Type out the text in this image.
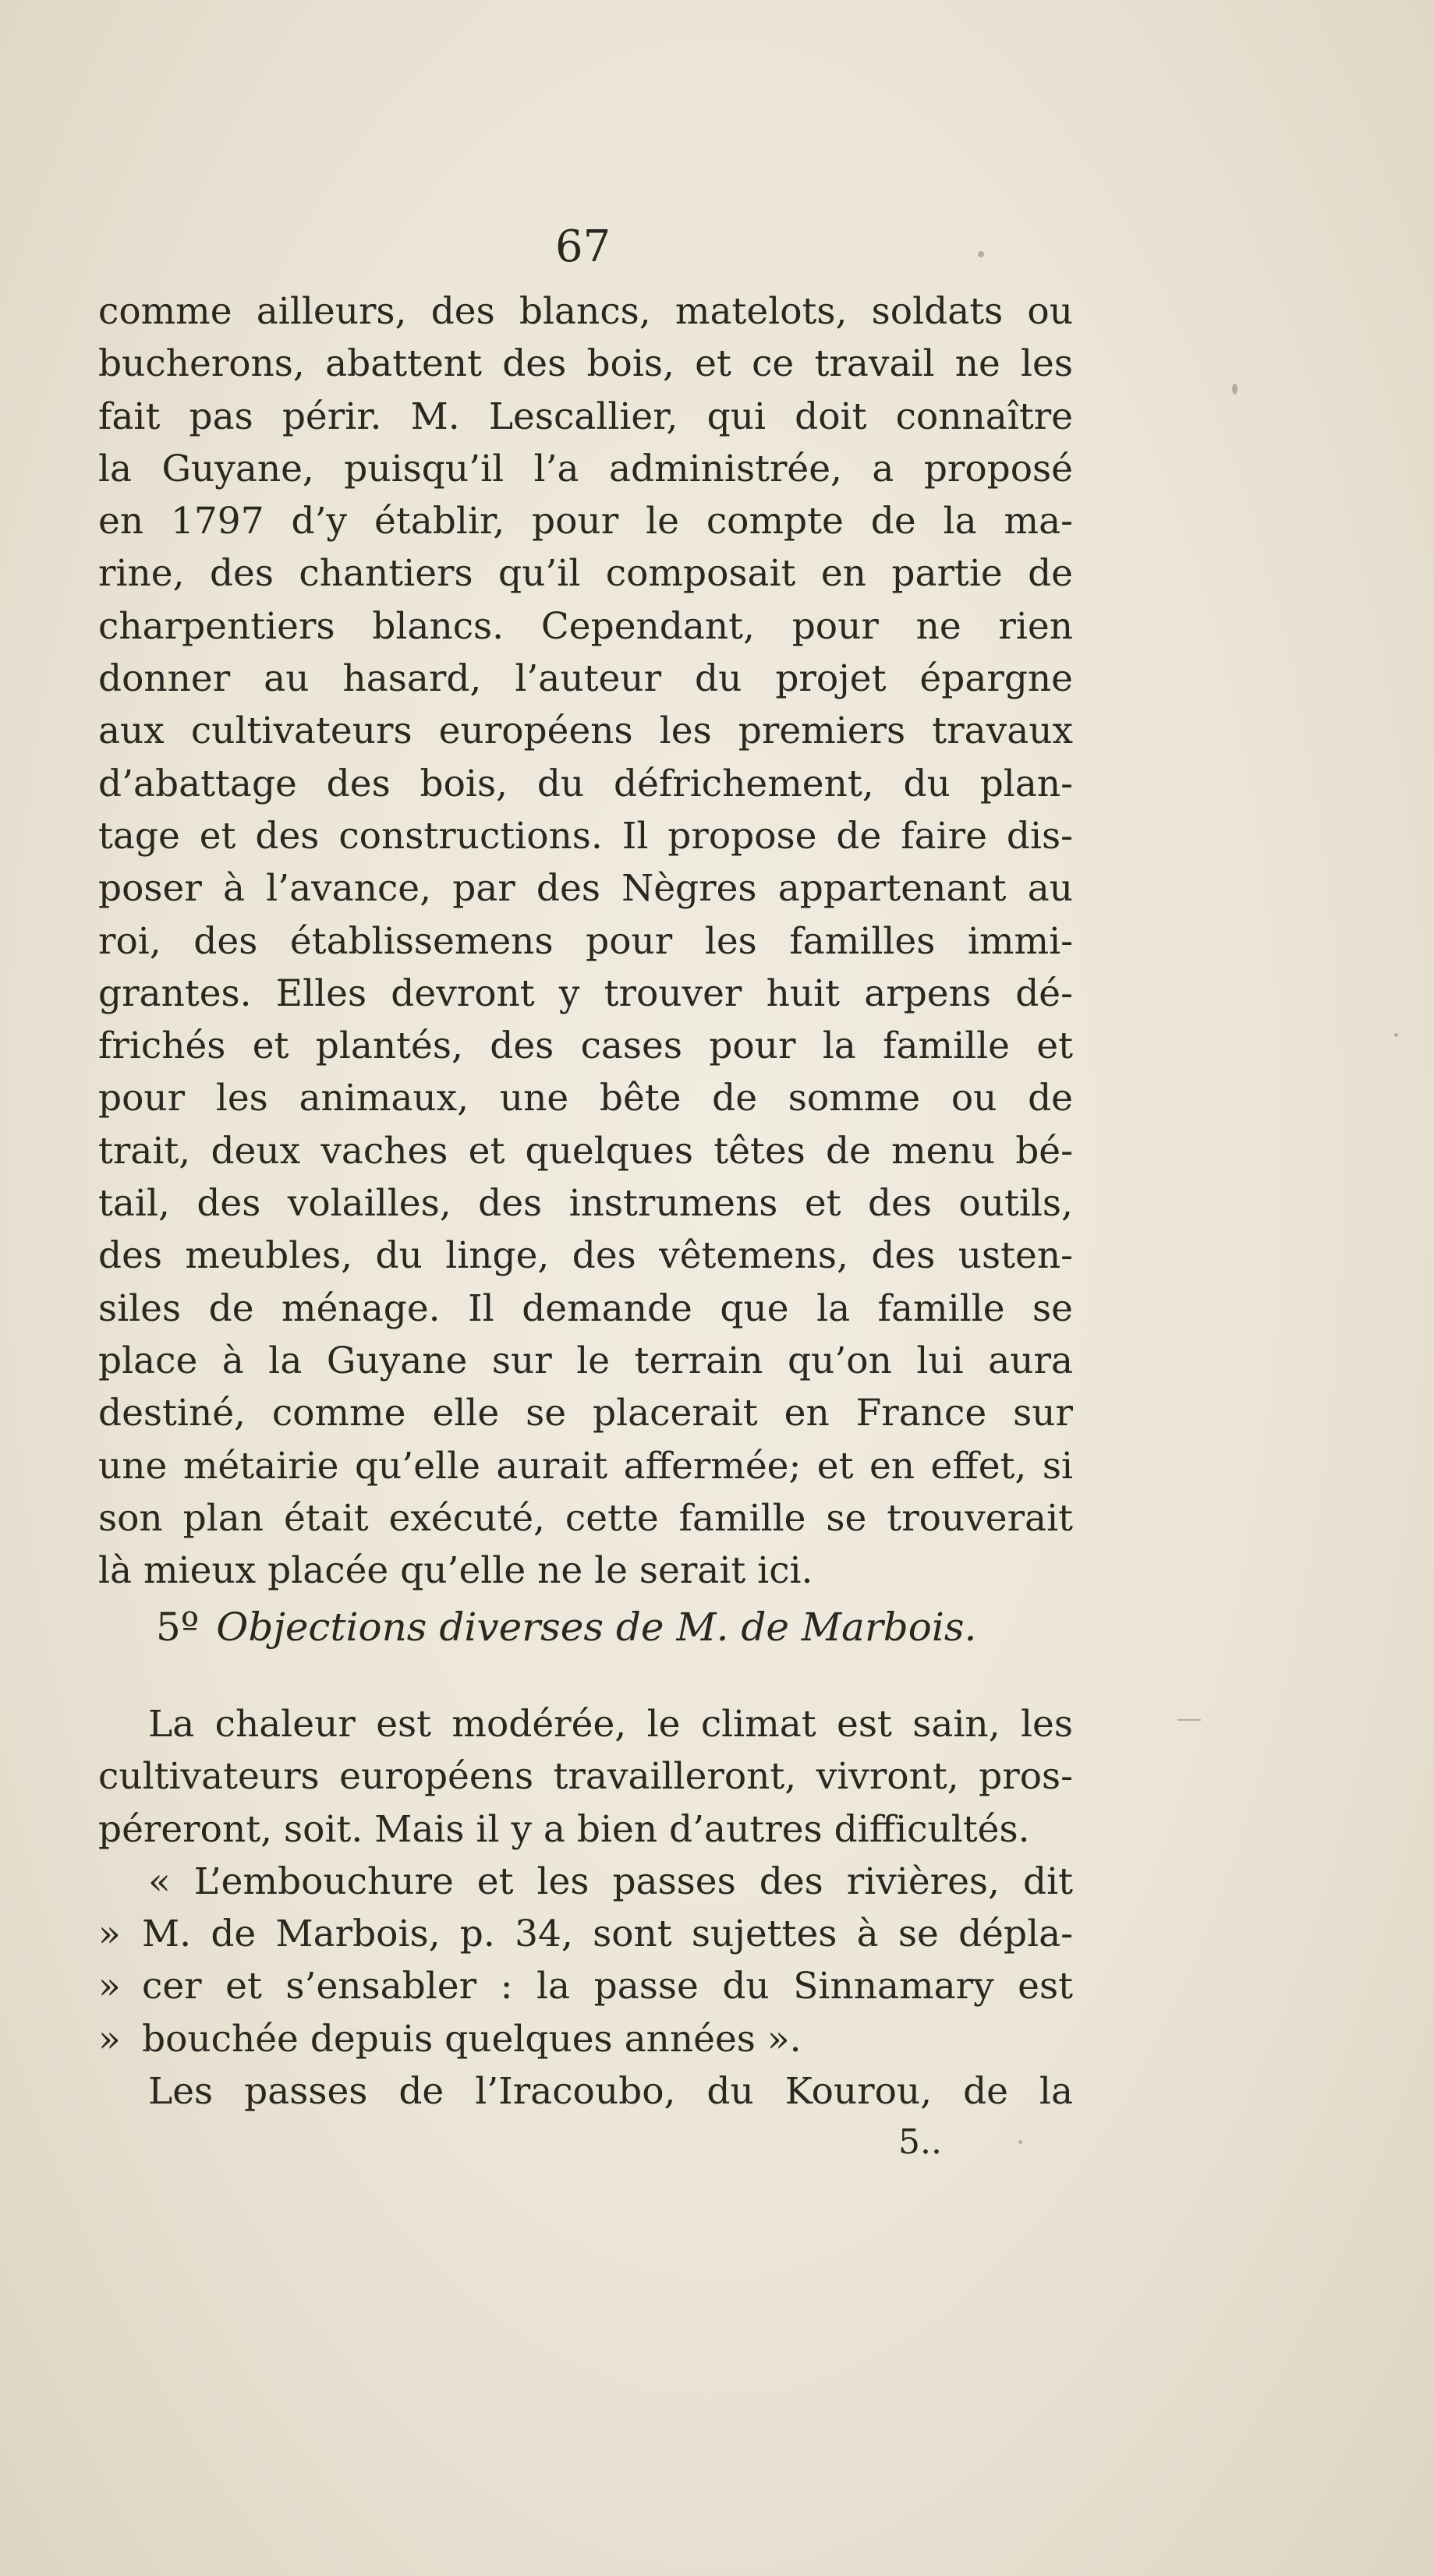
67
comme ailleurs, des blancs, matelots, soldats ou
bucherons, abattent des bois, et ce travail ne les
fait pas périr. M. Lescallier, qui doit connaître
la Guyane, puisqu’il l’a administrée, a proposé
en 1797 d’y établir, pour le compte de la ma-
rine, des chantiers qu’il composait en partie de
charpentiers blancs. Cependant, pour ne rien
donner au hasard, l’auteur du projet épargne
aux cultivateurs européens les premiers travaux
d’abattage des bois, du défrichement, du plan-
tage et des constructions. Il propose de faire dis-
poser à l’avance, par des Nègres appartenant au
roi, des établissemens pour les familles immi-
grantes. Elles devront y trouver huit arpens dé-
frichés et plantés, des cases pour la famille et
pour les animaux, une bête de somme ou de
trait, deux vaches et quelques têtes de menu bé-
tail, des volailles, des instrumens et des outils,
des meubles, du linge, des vêtemens, des usten-
siles de ménage. Il demande que la famille se
place à la Guyane sur le terrain qu’on lui aura
destiné, comme elle se placerait en France sur
une métairie qu’elle aurait affermée; et en effet, si
son plan était exécuté, cette famille se trouverait
là mieux placée qu’elle ne le serait ici.
5º Objections diverses de M. de Marbois.
La chaleur est modérée, le climat est sain, les
cultivateurs européens travailleront, vivront, pros-
péreront, soit. Mais il y a bien d’autres difficultés.
« L’embouchure et les passes des rivières, dit
» M. de Marbois, p. 34, sont sujettes à se dépla-
» cer et s’ensabler : la passe du Sinnamary est
» bouchée depuis quelques années ».
Les passes de l’Iracoubo, du Kourou, de la
5..
